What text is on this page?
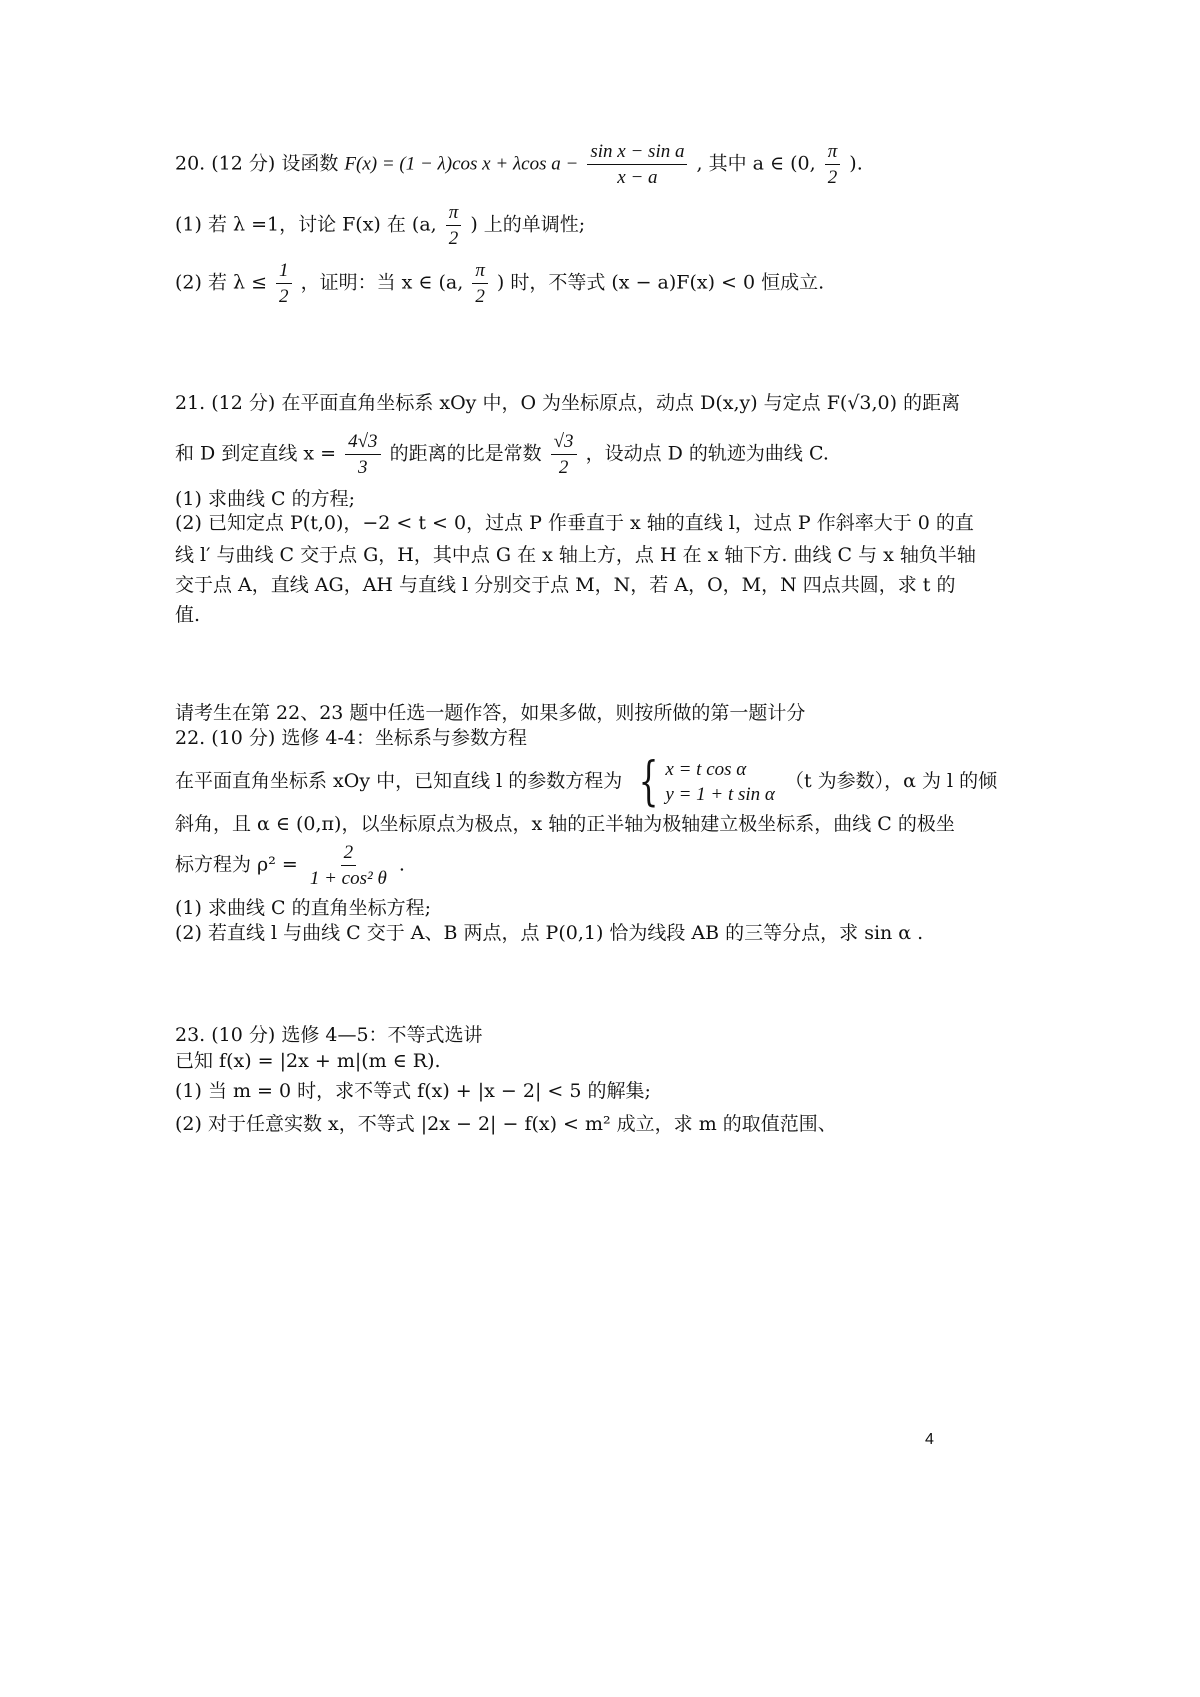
20. (12 分) 设函数 F(x) = (1 − λ)cos x + λcos $a - \frac{\text{sin x − sin a}}{x - a}$ , 其中 a ∈ (0, $\frac{\pi}{2}$ ).
(1) 若 λ =1，讨论 F(x) 在 (a, $\frac{\pi}{2}$ ) 上的单调性;
(2) 若 $\lambda \le \frac{1}{2}$ ，证明：当 x ∈ (a, $\frac{\pi}{2}$ ) 时，不等式 (x − a)F(x) < 0 恒成立.
21. (12 分) 在平面直角坐标系 xOy 中，O 为坐标原点，动点 D(x,y) 与定点 F(√3,0) 的距离
和 D 到定直线 $x = \frac{4√3}{3}$ 的距离的比是常数 $\frac{√3}{2}$ ，设动点 D 的轨迹为曲线 C.
(1) 求曲线 C 的方程;
(2) 已知定点 P(t,0)，−2 < t < 0，过点 P 作垂直于 x 轴的直线 l，过点 P 作斜率大于 0 的直
线 l′ 与曲线 C 交于点 G，H，其中点 G 在 x 轴上方，点 H 在 x 轴下方. 曲线 C 与 x 轴负半轴
交于点 A，直线 AG，AH 与直线 l 分别交于点 M，N，若 A，O，M，N 四点共圆，求 t 的
值.
请考生在第 22、23 题中任选一题作答，如果多做，则按所做的第一题计分
22. (10 分) 选修 4-4：坐标系与参数方程
在平面直角坐标系 xOy 中，已知直线 l 的参数方程为 { x = t cos α
y = 1 + t sin α
（t 为参数），α 为 l 的倾
斜角，且 α ∈ (0,π)，以坐标原点为极点，x 轴的正半轴为极轴建立极坐标系，曲线 C 的极坐
标方程为 $\rho^2 = \frac{2}{\text{1 + cos² θ}}$ .
(1) 求曲线 C 的直角坐标方程;
(2) 若直线 l 与曲线 C 交于 A、B 两点，点 P(0,1) 恰为线段 AB 的三等分点，求 sin α .
23. (10 分) 选修 4—5：不等式选讲
已知 f(x) = |2x + m|(m ∈ R).
(1) 当 m = 0 时，求不等式 f(x) + |x − 2| < 5 的解集;
(2) 对于任意实数 x，不等式 |2x − 2| − f(x) < m² 成立，求 m 的取值范围、
4
